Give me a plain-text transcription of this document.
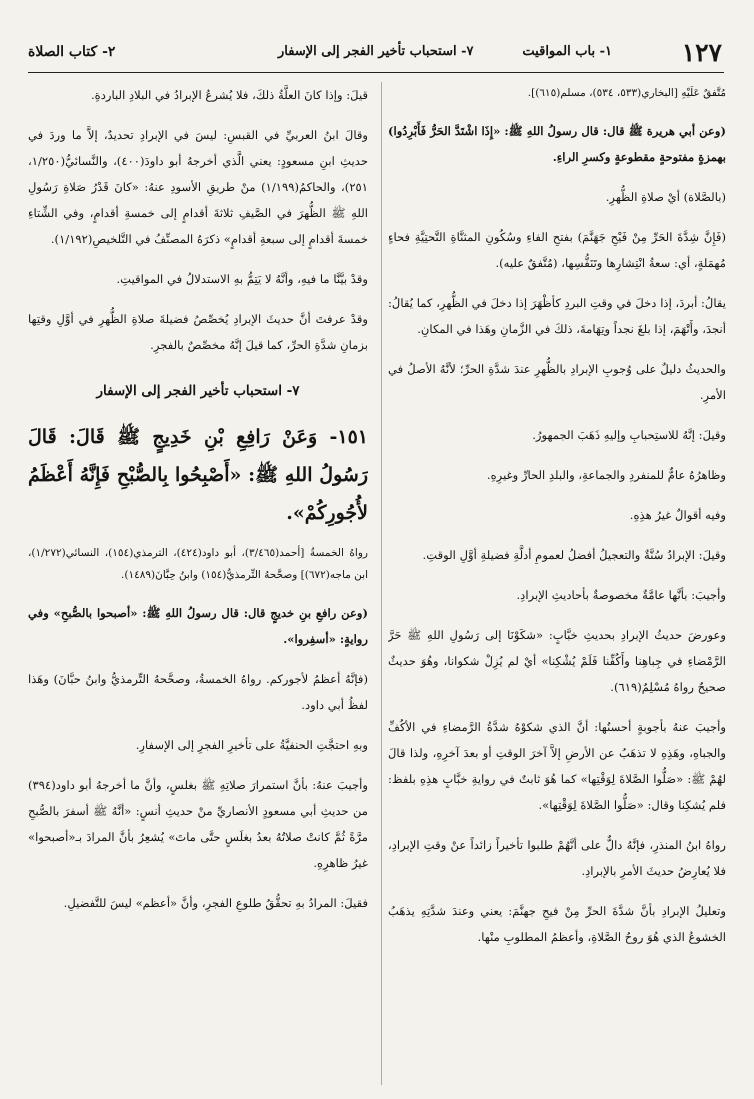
١٢٧
١- باب المواقيت
٧- استحباب تأخير الفجر إلى الإسفار
٢- كتاب الصلاة

مُتَّفقٌ عَلَيْهِ [البخاري(٥٣٣، ٥٣٤)، مسلم(٦١٥)].

(وعن أبي هريرة ﷺ قال: قال رسولُ اللهِ ﷺ: «إِذَا اشْتَدَّ الحَرُّ فَأَبْرِدُوا) بهمزةٍ مفتوحةٍ مقطوعةٍ وكسرِ الراءِ.

(بالصَّلاة) أيْ صلاةِ الظُّهرِ.

(فَإِنَّ شِدَّةَ الحَرِّ مِنْ فَيْحِ جَهَنَّمَ) بفتحِ الفاءِ وسُكُونِ المثنَّاةِ التَّحتِيَّةِ فحاءٍ مُهمَلةٍ، أي: سعةُ انْتِشارِها وتَنَفُّسِها، (مُتَّفقٌ عليه).

يقالُ: أبردَ، إذا دخلَ في وقتِ البردِ كأظْهَرَ إذا دخلَ في الظُّهرِ، كما يُقالُ: أنجدَ، وأَتْهَمَ، إذا بلغَ نجداً وتِهَامةَ، ذلكَ في الزَّمانِ وهَذا في المكانِ.

والحديثُ دليلٌ على وُجوبِ الإبرادِ بالظُّهرِ عندَ شدَّةِ الحرِّ؛ لأنَّهُ الأصلُ في الأمرِ.

وقيلَ: إنَّهُ للاستِحبابِ وإليهِ ذَهَبَ الجمهورُ.

وظاهرُهُ عامٌّ للمنفردِ والجماعةِ، والبلدِ الحارِّ وغيرِهِ.

وفيه أقوالٌ غيرُ هذِهِ.

وقيلَ: الإبرادُ سُنَّةٌ والتعجيلُ أفضلُ لعمومِ أدلَّةِ فضيلةِ أوَّلِ الوقتِ.

وأجيبَ: بأنَّها عامَّةٌ مخصوصةٌ بأحاديثِ الإبرادِ.

وعورضَ حديثُ الإبرادِ بحديثِ خبَّابٍ: «شكَوْنَا إلى رَسُولِ اللهِ ﷺ حَرَّ الرَّمْضاءِ في جِباهِنا وأَكُفِّنا فَلَمْ يُشْكِنا» أيْ لم يُزِلْ شكوانا، وهُوَ حديثٌ صحيحٌ رواهُ مُسْلِمٌ(٦١٩).

وأجيبَ عنهُ بأجوبةٍ أحسنُها: أنَّ الذي شكوْهُ شدَّةُ الرَّمضاءِ في الأكُفِّ والجباهِ، وهَذِهِ لا تذهَبُ عن الأرضِ إلاَّ آخرَ الوقتِ أو بعدَ آخرِهِ، ولذا قالَ لهُمْ ﷺ: «صَلُّوا الصَّلاةَ لِوَقْتِها» كما هُوَ ثابتٌ في روايةِ خبَّابٍ هذِهِ بلفظ: فلم يُشكِنا وقال: «صَلُّوا الصَّلاةَ لِوَقْتِها».

رواهُ ابنُ المنذرِ، فإنَّهُ دالٌّ على أنَّهُمْ طلبوا تأخيراً زائداً عنْ وقتِ الإبرادِ، فلا يُعارِضُ حديثَ الأمرِ بالإبرادِ.

وتعليلُ الإبرادِ بأنَّ شدَّةَ الحرِّ مِنْ فيحِ جهنَّمَ: يعني وعندَ شدَّتِهِ يذهَبُ الخشوعُ الذي هُوَ روحُ الصَّلاةِ، وأعظمُ المطلوبِ منْها.

قيلَ: وإذا كانَ العلَّةُ ذلكَ، فلا يُشرعُ الإبرادُ في البلادِ الباردةِ.

وقالَ ابنُ العربيِّ في القبسِ: ليسَ في الإبرادِ تحديدٌ، إلاَّ ما وردَ في حديثِ ابنِ مسعودٍ: يعني الَّذي أخرجهُ أبو داودَ(٤٠٠)، والنَّسائيُّ(١/٢٥٠، ٢٥١)، والحاكمُ(١/١٩٩) منْ طريقِ الأسودِ عنهُ: «كانَ قَدْرُ صَلاةِ رَسُولِ اللهِ ﷺ الظُّهرَ في الصَّيفِ ثلاثةَ أقدامٍ إلى خمسةِ أقدامٍ، وفي الشِّتاءِ خمسةَ أقدامٍ إلى سبعةِ أقدامٍ» ذكرَهُ المصنِّفُ في التَّلخيصِ(١/١٩٢).

وقدْ بيَّنَّا ما فيهِ، وأنَّهُ لا يَتِمُّ بهِ الاستدلالُ في المواقيتِ.

وقدْ عرفتَ أنَّ حديثَ الإبرادِ يُخصِّصُ فضيلةَ صلاةِ الظُّهرِ في أوَّلِ وقتِها بزمانِ شدَّةِ الحرِّ، كما قيلَ إنَّهُ مخصِّصٌ بالفجرِ.

٧- استحباب تأخير الفجر إلى الإسفار
١٥١- وَعَنْ رَافِعِ بْنِ خَدِيجٍ ﷺ قَالَ: قَالَ رَسُولُ اللهِ ﷺ: «أَصْبِحُوا بِالصُّبْحِ فَإِنَّهُ أَعْظَمُ لأُجُورِكُمْ».

رواهُ الخمسةُ [أحمد(٣/٤٦٥)، أبو داود(٤٢٤)، الترمذي(١٥٤)، النسائي(١/٢٧٢)، ابن ماجه(٦٧٢)] وصحَّحهُ التِّرمذيُّ(١٥٤) وابنُ حِبَّانَ(١٤٨٩).

(وعن رافعِ بنِ خديجٍ قال: قال رسولُ اللهِ ﷺ: «أصبحوا بالصُّبحِ» وفي روايةٍ: «أسفِروا».

(فإنَّهُ أعظمُ لأجوركم. رواهُ الخمسةُ، وصحَّحهُ التِّرمذيُّ وابنُ حبَّانَ) وهَذا لفظُ أبي داود.

وبهِ احتجَّتِ الحنفيَّةُ على تأخيرِ الفجرِ إلى الإسفارِ.

وأجيبَ عنهُ: بأنَّ استمرارَ صلاتِهِ ﷺ بغلسٍ، وأنَّ ما أخرجهُ أبو داود(٣٩٤) من حديثِ أبي مسعودٍ الأنصاريِّ منْ حديثِ أنسٍ: «أنَّهُ ﷺ أسفرَ بالصُّبحِ مرَّةً ثُمَّ كانتْ صلاتُهُ بعدُ بغلَسٍ حتَّى ماتَ» يُشعِرُ بأنَّ المرادَ بـ«أصبحوا» غيرُ ظاهرِهِ.

فقيلَ: المرادُ بهِ تحقُّقُ طلوعِ الفجرِ، وأنَّ «أعظم» ليسَ للتَّفضيلِ.
